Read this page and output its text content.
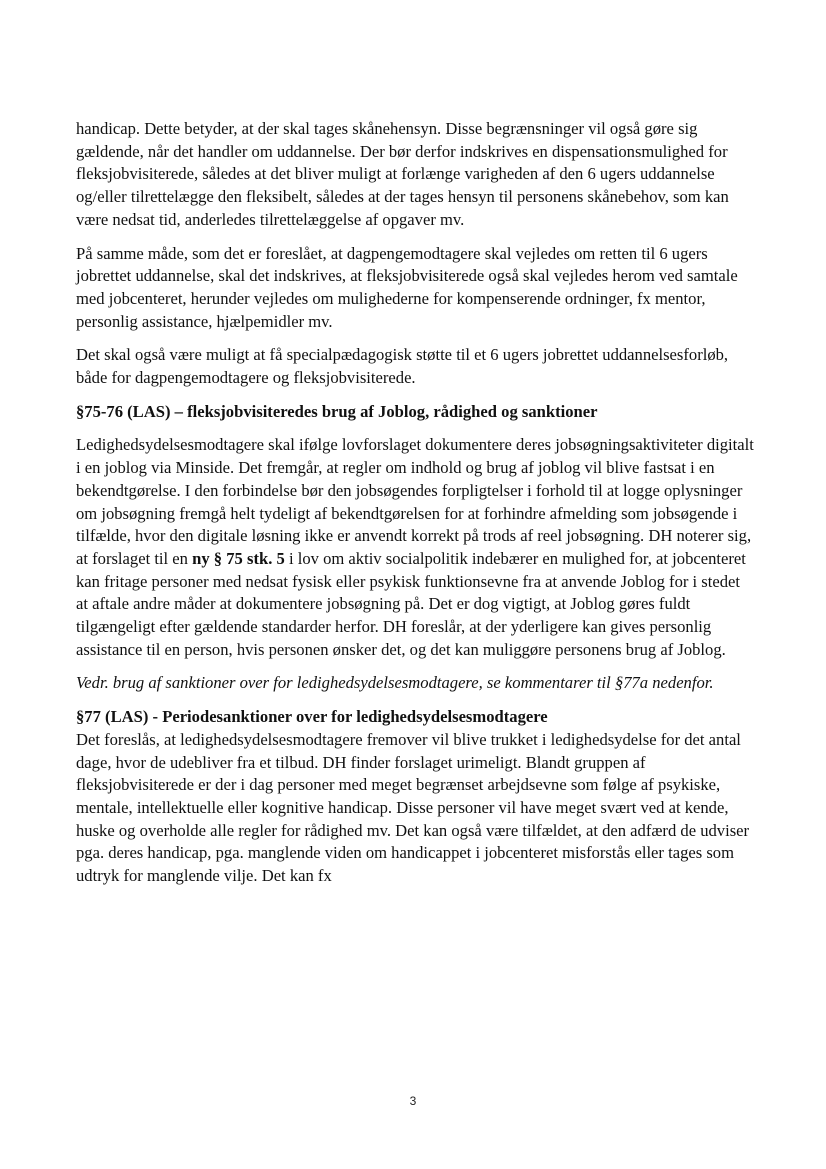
handicap. Dette betyder, at der skal tages skånehensyn. Disse begrænsninger vil også gøre sig gældende, når det handler om uddannelse. Der bør derfor indskrives en dispensationsmulighed for fleksjobvisiterede, således at det bliver muligt at forlænge varigheden af den 6 ugers uddannelse og/eller tilrettelægge den fleksibelt, således at der tages hensyn til personens skånebehov, som kan være nedsat tid, anderledes tilrettelæggelse af opgaver mv.

På samme måde, som det er foreslået, at dagpengemodtagere skal vejledes om retten til 6 ugers jobrettet uddannelse, skal det indskrives, at fleksjobvisiterede også skal vejledes herom ved samtale med jobcenteret, herunder vejledes om mulighederne for kompenserende ordninger, fx mentor, personlig assistance, hjælpemidler mv.

Det skal også være muligt at få specialpædagogisk støtte til et 6 ugers jobrettet uddannelsesforløb, både for dagpengemodtagere og fleksjobvisiterede.

§75-76 (LAS) – fleksjobvisiteredes brug af Joblog, rådighed og sanktioner

Ledighedsydelsesmodtagere skal ifølge lovforslaget dokumentere deres jobsøgningsaktiviteter digitalt i en joblog via Minside. Det fremgår, at regler om indhold og brug af joblog vil blive fastsat i en bekendtgørelse. I den forbindelse bør den jobsøgendes forpligtelser i forhold til at logge oplysninger om jobsøgning fremgå helt tydeligt af bekendtgørelsen for at forhindre afmelding som jobsøgende i tilfælde, hvor den digitale løsning ikke er anvendt korrekt på trods af reel jobsøgning. DH noterer sig, at forslaget til en ny § 75 stk. 5 i lov om aktiv socialpolitik indebærer en mulighed for, at jobcenteret kan fritage personer med nedsat fysisk eller psykisk funktionsevne fra at anvende Joblog for i stedet at aftale andre måder at dokumentere jobsøgning på. Det er dog vigtigt, at Joblog gøres fuldt tilgængeligt efter gældende standarder herfor. DH foreslår, at der yderligere kan gives personlig assistance til en person, hvis personen ønsker det, og det kan muliggøre personens brug af Joblog.

Vedr. brug af sanktioner over for ledighedsydelsesmodtagere, se kommentarer til §77a nedenfor.

§77 (LAS) - Periodesanktioner over for ledighedsydelsesmodtagere

Det foreslås, at ledighedsydelsesmodtagere fremover vil blive trukket i ledighedsydelse for det antal dage, hvor de udebliver fra et tilbud. DH finder forslaget urimeligt. Blandt gruppen af fleksjobvisiterede er der i dag personer med meget begrænset arbejdsevne som følge af psykiske, mentale, intellektuelle eller kognitive handicap. Disse personer vil have meget svært ved at kende, huske og overholde alle regler for rådighed mv. Det kan også være tilfældet, at den adfærd de udviser pga. deres handicap, pga. manglende viden om handicappet i jobcenteret misforstås eller tages som udtryk for manglende vilje. Det kan fx

3
